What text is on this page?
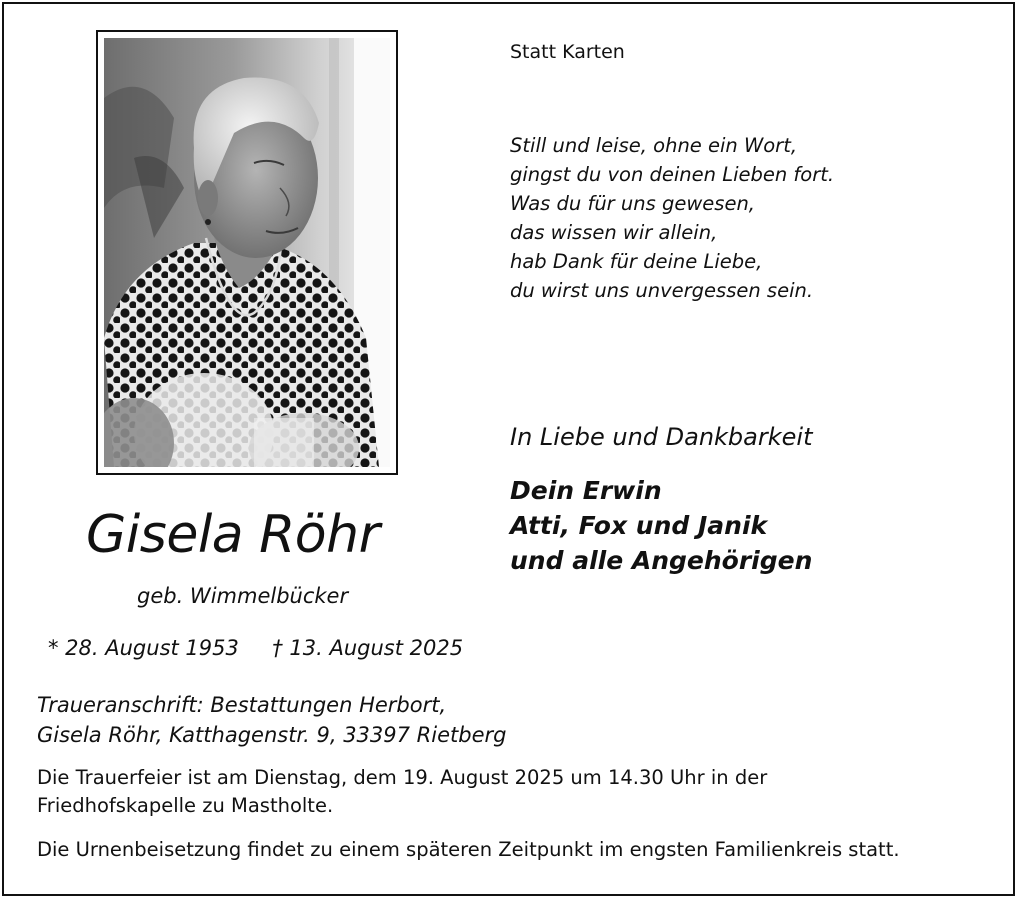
Statt Karten
Still und leise, ohne ein Wort,
gingst du von deinen Lieben fort.
Was du für uns gewesen,
das wissen wir allein,
hab Dank für deine Liebe,
du wirst uns unvergessen sein.
In Liebe und Dankbarkeit
Dein Erwin
Atti, Fox und Janik
und alle Angehörigen
Gisela Röhr
geb. Wimmelbücker
* 28. August 1953 † 13. August 2025
Traueranschrift: Bestattungen Herbort,
Gisela Röhr, Katthagenstr. 9, 33397 Rietberg
Die Trauerfeier ist am Dienstag, dem 19. August 2025 um 14.30 Uhr in der
Friedhofskapelle zu Mastholte.
Die Urnenbeisetzung findet zu einem späteren Zeitpunkt im engsten Familienkreis statt.
